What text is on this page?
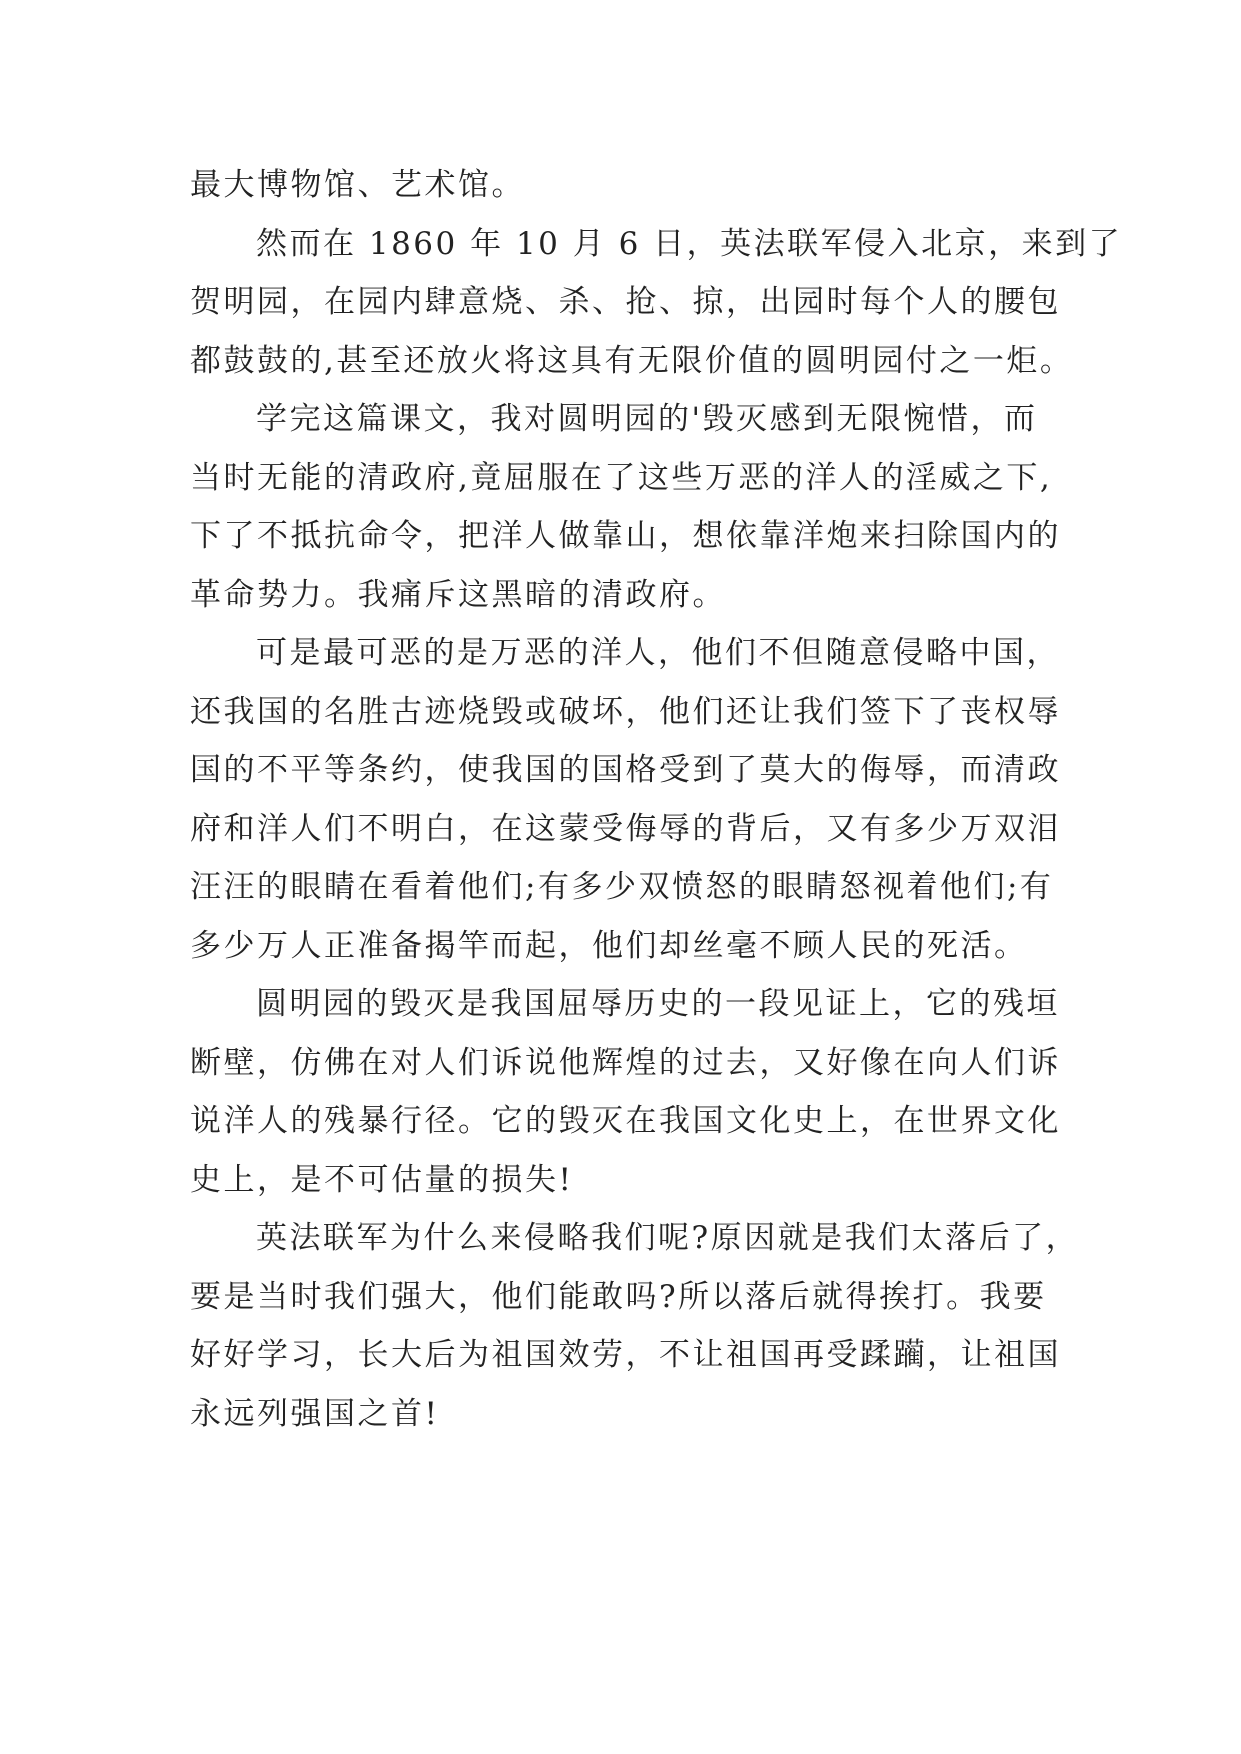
最大博物馆、艺术馆。
然而在 1860 年 10 月 6 日，英法联军侵入北京，来到了
贺明园，在园内肆意烧、杀、抢、掠，出园时每个人的腰包
都鼓鼓的,甚至还放火将这具有无限价值的圆明园付之一炬。
学完这篇课文，我对圆明园的'毁灭感到无限惋惜，而
当时无能的清政府,竟屈服在了这些万恶的洋人的淫威之下,
下了不抵抗命令，把洋人做靠山，想依靠洋炮来扫除国内的
革命势力。我痛斥这黑暗的清政府。
可是最可恶的是万恶的洋人，他们不但随意侵略中国，
还我国的名胜古迹烧毁或破坏，他们还让我们签下了丧权辱
国的不平等条约，使我国的国格受到了莫大的侮辱，而清政
府和洋人们不明白，在这蒙受侮辱的背后，又有多少万双泪
汪汪的眼睛在看着他们;有多少双愤怒的眼睛怒视着他们;有
多少万人正准备揭竿而起，他们却丝毫不顾人民的死活。
圆明园的毁灭是我国屈辱历史的一段见证上，它的残垣
断壁，仿佛在对人们诉说他辉煌的过去，又好像在向人们诉
说洋人的残暴行径。它的毁灭在我国文化史上，在世界文化
史上，是不可估量的损失!
英法联军为什么来侵略我们呢?原因就是我们太落后了，
要是当时我们强大，他们能敢吗?所以落后就得挨打。我要
好好学习，长大后为祖国效劳，不让祖国再受蹂躏，让祖国
永远列强国之首!
